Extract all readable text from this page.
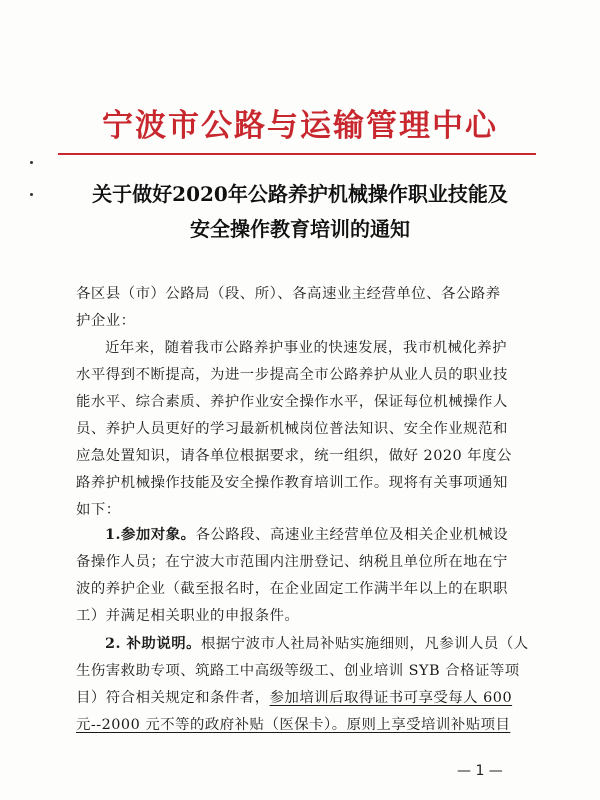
宁波市公路与运输管理中心
关于做好2020年公路养护机械操作职业技能及
安全操作教育培训的通知
各区县（市）公路局（段、所）、各高速业主经营单位、各公路养
护企业：
近年来，随着我市公路养护事业的快速发展，我市机械化养护
水平得到不断提高，为进一步提高全市公路养护从业人员的职业技
能水平、综合素质、养护作业安全操作水平，保证每位机械操作人
员、养护人员更好的学习最新机械岗位普法知识、安全作业规范和
应急处置知识，请各单位根据要求，统一组织，做好 2020 年度公
路养护机械操作技能及安全操作教育培训工作。现将有关事项通知
如下：
1.参加对象。各公路段、高速业主经营单位及相关企业机械设
备操作人员；在宁波大市范围内注册登记、纳税且单位所在地在宁
波的养护企业（截至报名时，在企业固定工作满半年以上的在职职
工）并满足相关职业的申报条件。
2. 补助说明。根据宁波市人社局补贴实施细则，凡参训人员（人
生伤害救助专项、筑路工中高级等级工、创业培训 SYB 合格证等项
目）符合相关规定和条件者，参加培训后取得证书可享受每人 600
元--2000 元不等的政府补贴（医保卡）。原则上享受培训补贴项目
— 1 —
